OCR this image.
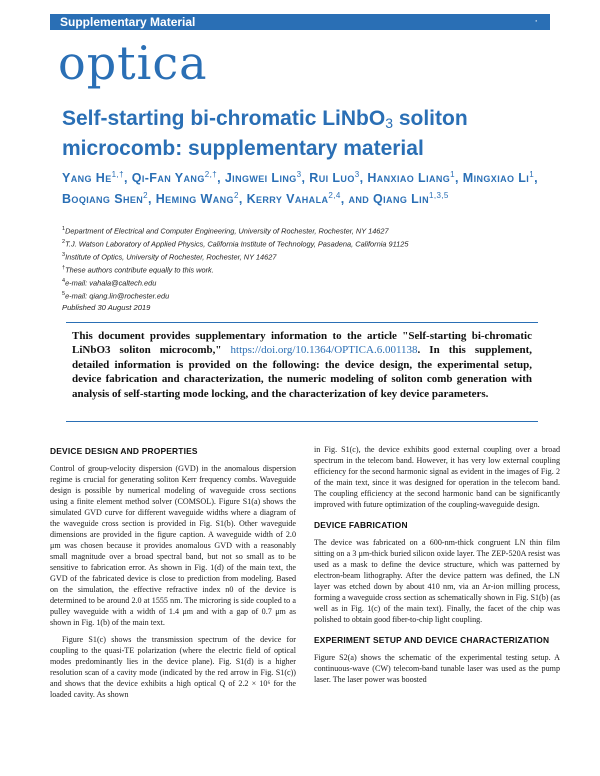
Supplementary Material	·
optica
Self-starting bi-chromatic LiNbO$_3$ soliton microcomb: supplementary material
Yang $He^{1,\dagger}$, Qi-Fan Yang$^{2,\dagger}$, Jingwei Ling$^3$, Rui Luo$^3$, Hanxiao Liang$^1$, Mingxiao Li$^1$, Boqiang Shen$^2$, Heming Wang$^2$, Kerry Vahala$^{2,4}$, and Qiang Lin$^{1,3,5}$
$^1$Department of Electrical and Computer Engineering, University of Rochester, Rochester, NY 14627
$^2$T.J. Watson Laboratory of Applied Physics, California Institute of Technology, Pasadena, California 91125
$^3$Institute of Optics, University of Rochester, Rochester, NY 14627
†These authors contribute equally to this work.
$^4$e-mail: vahala@caltech.edu
$^5$e-mail: qiang.lin@rochester.edu
Published 30 August 2019
This document provides supplementary information to the article "Self-starting bi-chromatic LiNbO3 soliton microcomb," https://doi.org/10.1364/OPTICA.6.001138. In this supplement, detailed information is provided on the following: the device design, the experimental setup, device fabrication and characterization, the numeric modeling of soliton comb generation with analysis of self-starting mode locking, and the characterization of key device parameters.
DEVICE DESIGN AND PROPERTIES

Control of group-velocity dispersion (GVD) in the anomalous dispersion regime is crucial for generating soliton Kerr frequency combs. Waveguide design is possible by numerical modeling of waveguide cross sections using a finite element method solver (COMSOL). Figure S1(a) shows the simulated GVD curve for different waveguide widths where a diagram of the waveguide cross section is provided in Fig. S1(b). Other waveguide dimensions are provided in the figure caption. A waveguide width of 2.0 μm was chosen because it provides anomalous GVD with a reasonably small magnitude over a broad spectral band, but not so small as to be sensitive to fabrication error. As shown in Fig. 1(d) of the main text, the GVD of the fabricated device is close to prediction from modeling. Based on the simulation, the effective refractive index n0 of the device is determined to be around 2.0 at 1555 nm. The microring is side coupled to a pulley waveguide with a width of 1.4 μm and with a gap of 0.7 μm as shown in Fig. 1(b) of the main text.

Figure S1(c) shows the transmission spectrum of the device for coupling to the quasi-TE polarization (where the electric field of optical modes predominantly lies in the device plane). Fig. S1(d) is a higher resolution scan of a cavity mode (indicated by the red arrow in Fig. S1(c)) and shows that the device exhibits a high optical Q of 2.2 × 10⁶ for the loaded cavity. As shown

in Fig. S1(c), the device exhibits good external coupling over a broad spectrum in the telecom band. However, it has very low external coupling efficiency for the second harmonic signal as evident in the images of Fig. 2 of the main text, since it was designed for operation in the telecom band. The coupling efficiency at the second harmonic band can be significantly improved with future optimization of the coupling-waveguide design.

DEVICE FABRICATION

The device was fabricated on a 600-nm-thick congruent LN thin film sitting on a 3 μm-thick buried silicon oxide layer. The ZEP-520A resist was used as a mask to define the device structure, which was patterned by electron-beam lithography. After the device pattern was defined, the LN layer was etched down by about 410 nm, via an Ar-ion milling process, forming a waveguide cross section as schematically shown in Fig. S1(b) (as well as in Fig. 1(c) of the main text). Finally, the facet of the chip was polished to obtain good fiber-to-chip light coupling.

EXPERIMENT SETUP AND DEVICE CHARACTERIZATION

Figure S2(a) shows the schematic of the experimental testing setup. A continuous-wave (CW) telecom-band tunable laser was used as the pump laser. The laser power was boosted
